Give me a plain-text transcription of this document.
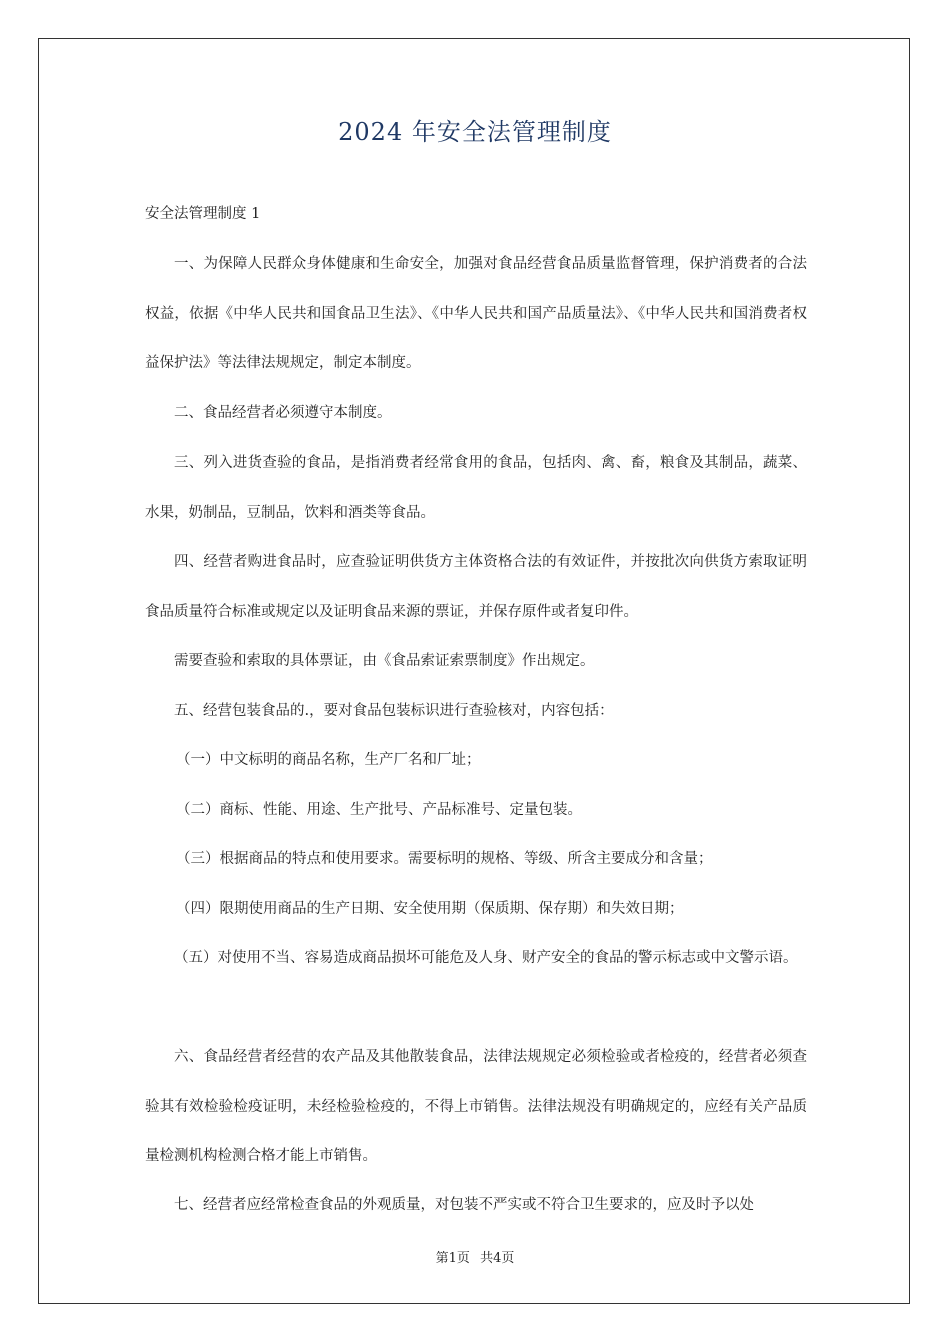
2024 年安全法管理制度

安全法管理制度 1

一、为保障人民群众身体健康和生命安全，加强对食品经营食品质量监督管理，保护消费者的合法权益，依据《中华人民共和国食品卫生法》、《中华人民共和国产品质量法》、《中华人民共和国消费者权益保护法》等法律法规规定，制定本制度。

二、食品经营者必须遵守本制度。

三、列入进货查验的食品，是指消费者经常食用的食品，包括肉、禽、畜，粮食及其制品，蔬菜、水果，奶制品，豆制品，饮料和酒类等食品。

四、经营者购进食品时，应查验证明供货方主体资格合法的有效证件，并按批次向供货方索取证明食品质量符合标准或规定以及证明食品来源的票证，并保存原件或者复印件。

需要查验和索取的具体票证，由《食品索证索票制度》作出规定。

五、经营包装食品的.，要对食品包装标识进行查验核对，内容包括：

（一）中文标明的商品名称，生产厂名和厂址；

（二）商标、性能、用途、生产批号、产品标准号、定量包装。

（三）根据商品的特点和使用要求。需要标明的规格、等级、所含主要成分和含量；

（四）限期使用商品的生产日期、安全使用期（保质期、保存期）和失效日期；

（五）对使用不当、容易造成商品损坏可能危及人身、财产安全的食品的警示标志或中文警示语。

六、食品经营者经营的农产品及其他散装食品，法律法规规定必须检验或者检疫的，经营者必须查验其有效检验检疫证明，未经检验检疫的，不得上市销售。法律法规没有明确规定的，应经有关产品质量检测机构检测合格才能上市销售。

七、经营者应经常检查食品的外观质量，对包装不严实或不符合卫生要求的，应及时予以处

第1页 共4页
